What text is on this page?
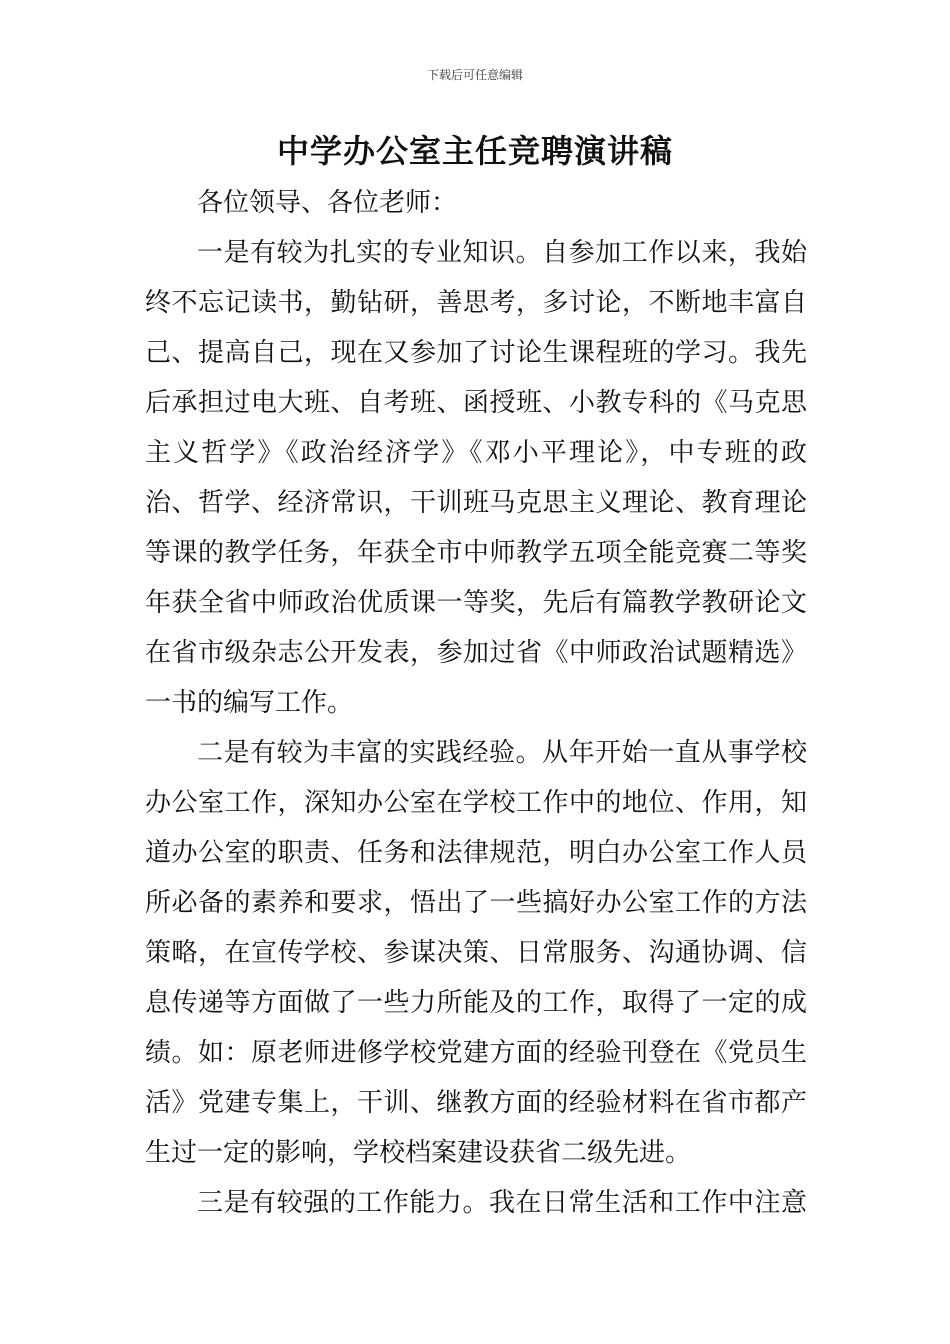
下载后可任意编辑
中学办公室主任竞聘演讲稿
各位领导、各位老师：
一是有较为扎实的专业知识。自参加工作以来，我始
终不忘记读书，勤钻研，善思考，多讨论，不断地丰富自
己、提高自己，现在又参加了讨论生课程班的学习。我先
后承担过电大班、自考班、函授班、小教专科的《马克思
主义哲学》《政治经济学》《邓小平理论》，中专班的政
治、哲学、经济常识，干训班马克思主义理论、教育理论
等课的教学任务，年获全市中师教学五项全能竞赛二等奖
年获全省中师政治优质课一等奖，先后有篇教学教研论文
在省市级杂志公开发表，参加过省《中师政治试题精选》
一书的编写工作。
二是有较为丰富的实践经验。从年开始一直从事学校
办公室工作，深知办公室在学校工作中的地位、作用，知
道办公室的职责、任务和法律规范，明白办公室工作人员
所必备的素养和要求，悟出了一些搞好办公室工作的方法
策略，在宣传学校、参谋决策、日常服务、沟通协调、信
息传递等方面做了一些力所能及的工作，取得了一定的成
绩。如：原老师进修学校党建方面的经验刊登在《党员生
活》党建专集上，干训、继教方面的经验材料在省市都产
生过一定的影响，学校档案建设获省二级先进。
三是有较强的工作能力。我在日常生活和工作中注意
